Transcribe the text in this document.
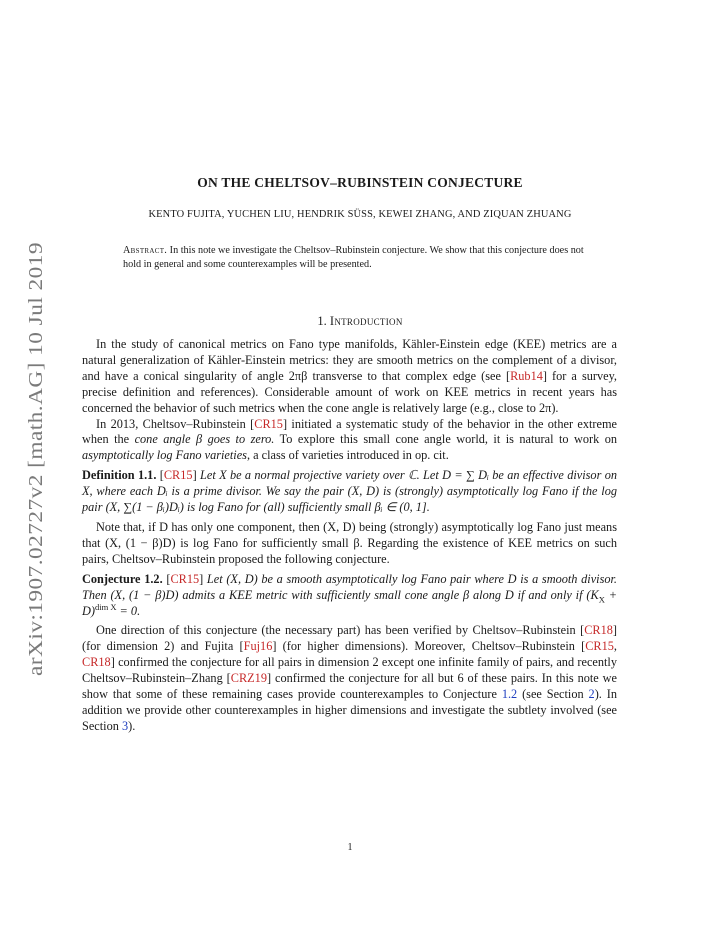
arXiv:1907.02727v2 [math.AG] 10 Jul 2019
ON THE CHELTSOV–RUBINSTEIN CONJECTURE
KENTO FUJITA, YUCHEN LIU, HENDRIK SÜSS, KEWEI ZHANG, AND ZIQUAN ZHUANG
Abstract. In this note we investigate the Cheltsov–Rubinstein conjecture. We show that this conjecture does not hold in general and some counterexamples will be presented.
1. Introduction

In the study of canonical metrics on Fano type manifolds, Kähler-Einstein edge (KEE) metrics are a natural generalization of Kähler-Einstein metrics: they are smooth metrics on the complement of a divisor, and have a conical singularity of angle 2πβ transverse to that complex edge (see [Rub14] for a survey, precise definition and references). Considerable amount of work on KEE metrics in recent years has concerned the behavior of such metrics when the cone angle is relatively large (e.g., close to 2π).

In 2013, Cheltsov–Rubinstein [CR15] initiated a systematic study of the behavior in the other extreme when the cone angle β goes to zero. To explore this small cone angle world, it is natural to work on asymptotically log Fano varieties, a class of varieties introduced in op. cit.

Definition 1.1. [CR15] Let X be a normal projective variety over ℂ. Let D = ∑ Dᵢ be an effective divisor on X, where each Dᵢ is a prime divisor. We say the pair (X, D) is (strongly) asymptotically log Fano if the log pair (X, ∑(1 − βᵢ)Dᵢ) is log Fano for (all) sufficiently small βᵢ ∈ (0, 1].

Note that, if D has only one component, then (X, D) being (strongly) asymptotically log Fano just means that (X, (1 − β)D) is log Fano for sufficiently small β. Regarding the existence of KEE metrics on such pairs, Cheltsov–Rubinstein proposed the following conjecture.

Conjecture 1.2. [CR15] Let (X, D) be a smooth asymptotically log Fano pair where D is a smooth divisor. Then (X, (1 − β)D) admits a KEE metric with sufficiently small cone angle β along D if and only if $(K_X + D)^{dim X} = 0$.

One direction of this conjecture (the necessary part) has been verified by Cheltsov–Rubinstein [CR18] (for dimension 2) and Fujita [Fuj16] (for higher dimensions). Moreover, Cheltsov–Rubinstein [CR15, CR18] confirmed the conjecture for all pairs in dimension 2 except one infinite family of pairs, and recently Cheltsov–Rubinstein–Zhang [CRZ19] confirmed the conjecture for all but 6 of these pairs. In this note we show that some of these remaining cases provide counterexamples to Conjecture 1.2 (see Section 2). In addition we provide other counterexamples in higher dimensions and investigate the subtlety involved (see Section 3).

1
